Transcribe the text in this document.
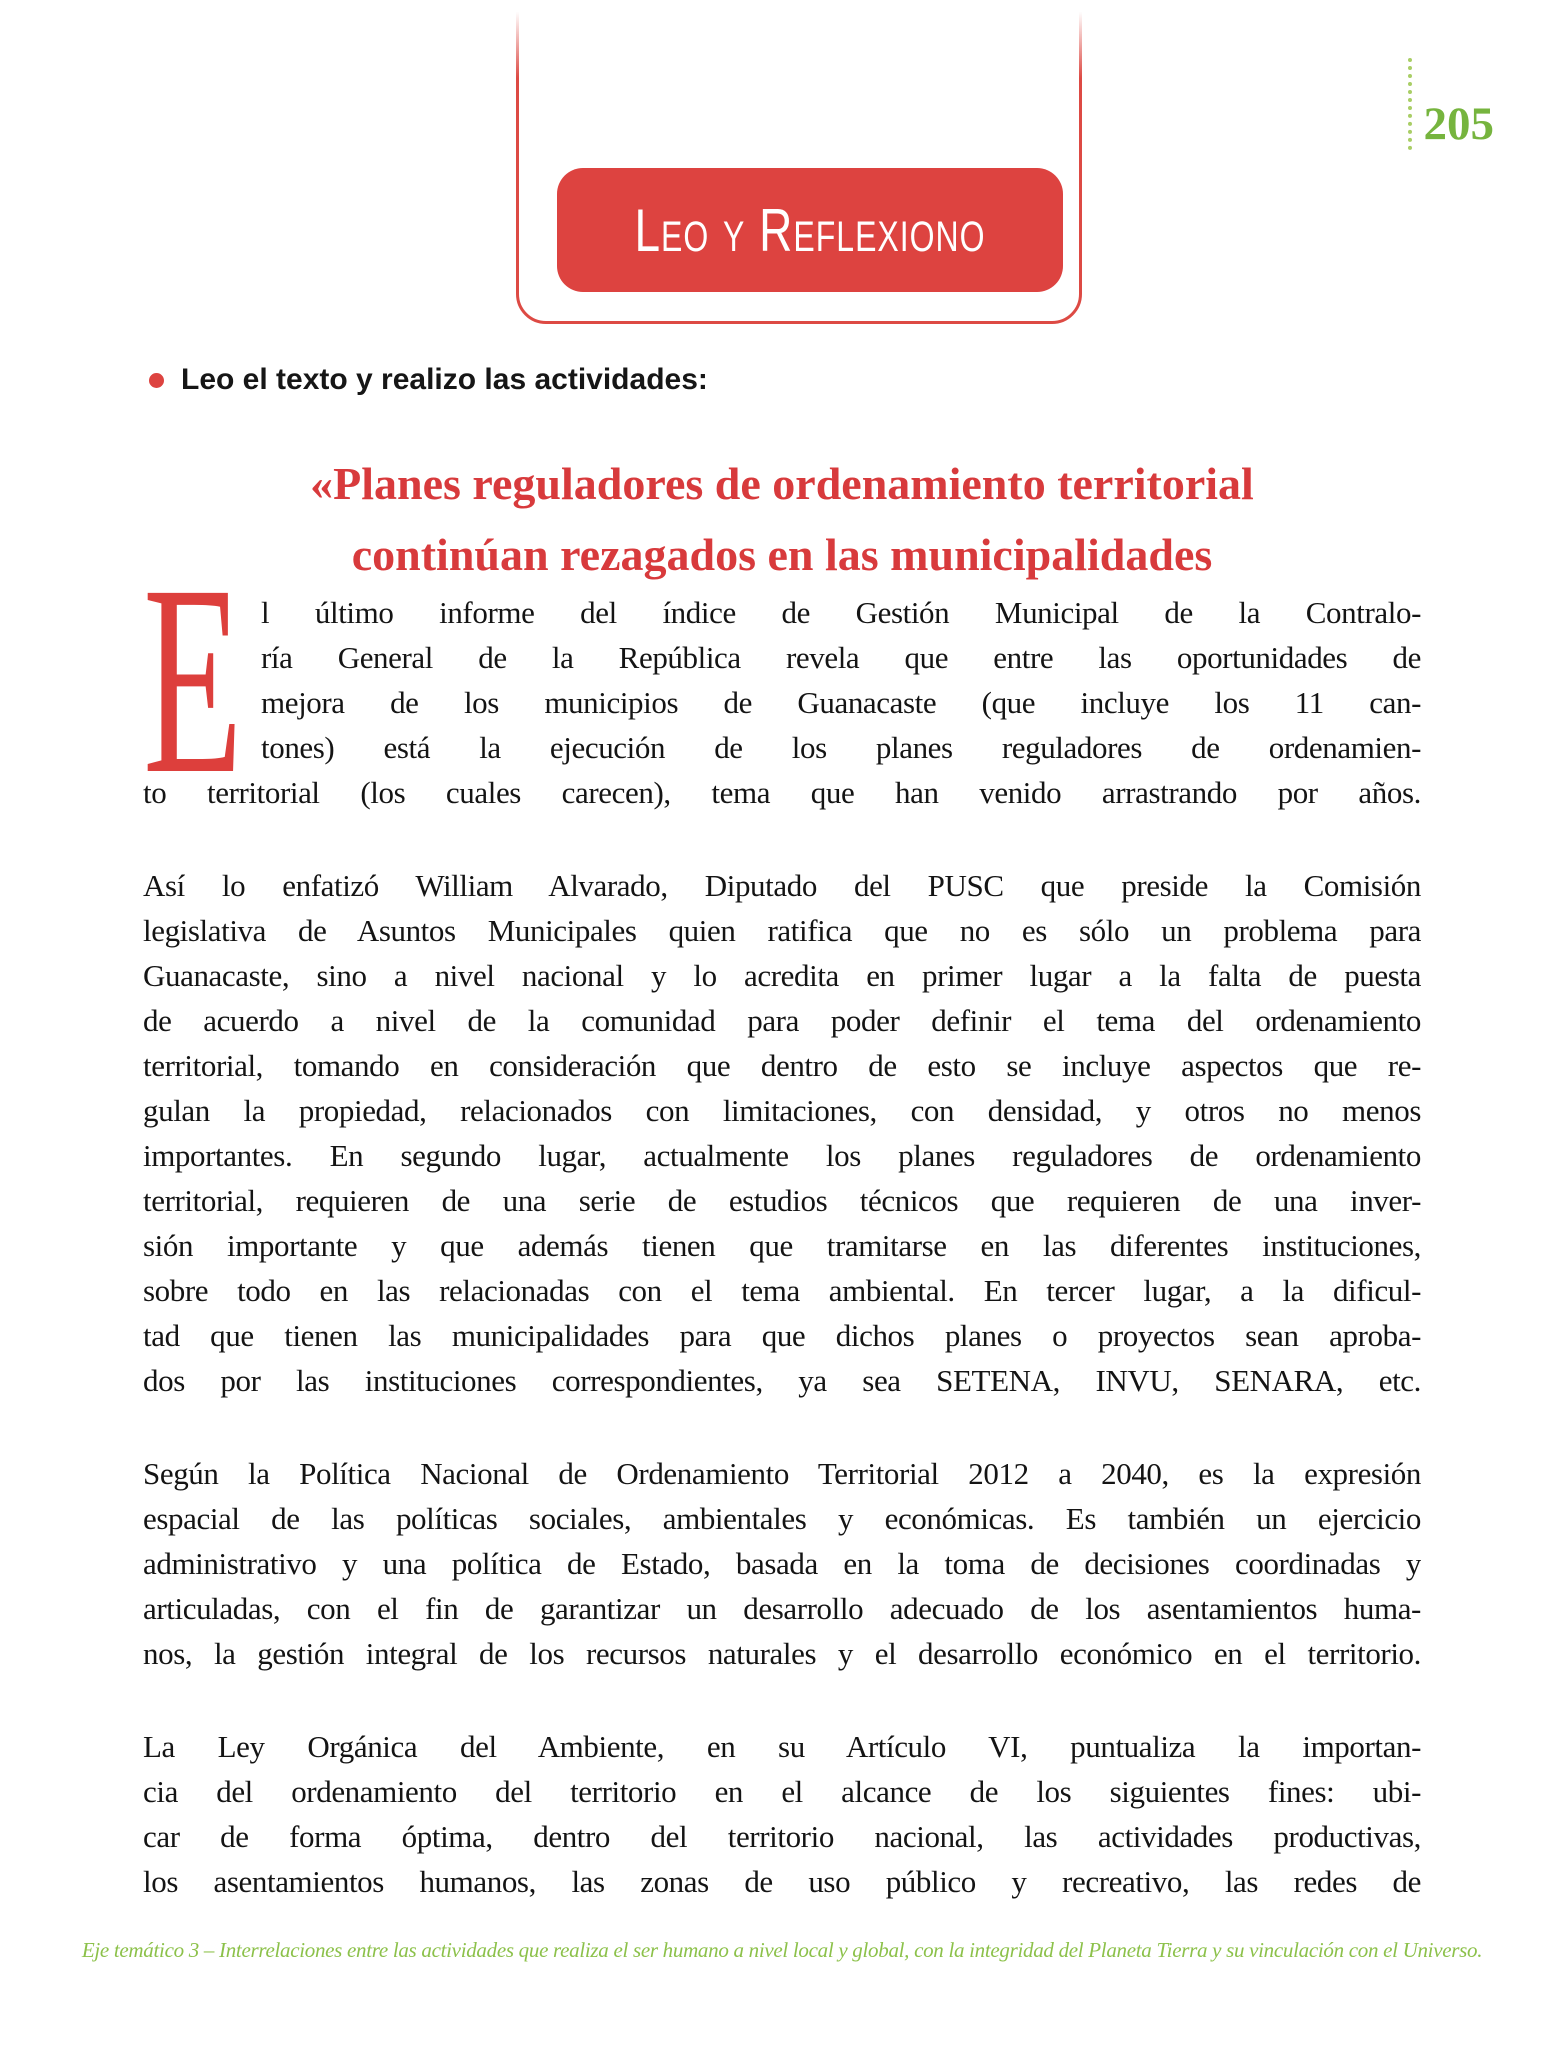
Leo y Reflexiono
205
Leo el texto y realizo las actividades:
«Planes reguladores de ordenamiento territorial
continúan rezagados en las municipalidades
E l último informe del índice de Gestión Municipal de la Contralo-
ría General de la República revela que entre las oportunidades de
mejora de los municipios de Guanacaste (que incluye los 11 can-
tones) está la ejecución de los planes reguladores de ordenamien-
to territorial (los cuales carecen), tema que han venido arrastrando por años.
Así lo enfatizó William Alvarado, Diputado del PUSC que preside la Comisión
legislativa de Asuntos Municipales quien ratifica que no es sólo un problema para
Guanacaste, sino a nivel nacional y lo acredita en primer lugar a la falta de puesta
de acuerdo a nivel de la comunidad para poder definir el tema del ordenamiento
territorial, tomando en consideración que dentro de esto se incluye aspectos que re-
gulan la propiedad, relacionados con limitaciones, con densidad, y otros no menos
importantes. En segundo lugar, actualmente los planes reguladores de ordenamiento
territorial, requieren de una serie de estudios técnicos que requieren de una inver-
sión importante y que además tienen que tramitarse en las diferentes instituciones,
sobre todo en las relacionadas con el tema ambiental. En tercer lugar, a la dificul-
tad que tienen las municipalidades para que dichos planes o proyectos sean aproba-
dos por las instituciones correspondientes, ya sea SETENA, INVU, SENARA, etc.
Según la Política Nacional de Ordenamiento Territorial 2012 a 2040, es la expresión
espacial de las políticas sociales, ambientales y económicas. Es también un ejercicio
administrativo y una política de Estado, basada en la toma de decisiones coordinadas y
articuladas, con el fin de garantizar un desarrollo adecuado de los asentamientos huma-
nos, la gestión integral de los recursos naturales y el desarrollo económico en el territorio.
La Ley Orgánica del Ambiente, en su Artículo VI, puntualiza la importan-
cia del ordenamiento del territorio en el alcance de los siguientes fines: ubi-
car de forma óptima, dentro del territorio nacional, las actividades productivas,
los asentamientos humanos, las zonas de uso público y recreativo, las redes de
Eje temático 3 – Interrelaciones entre las actividades que realiza el ser humano a nivel local y global, con la integridad del Planeta Tierra y su vinculación con el Universo.
